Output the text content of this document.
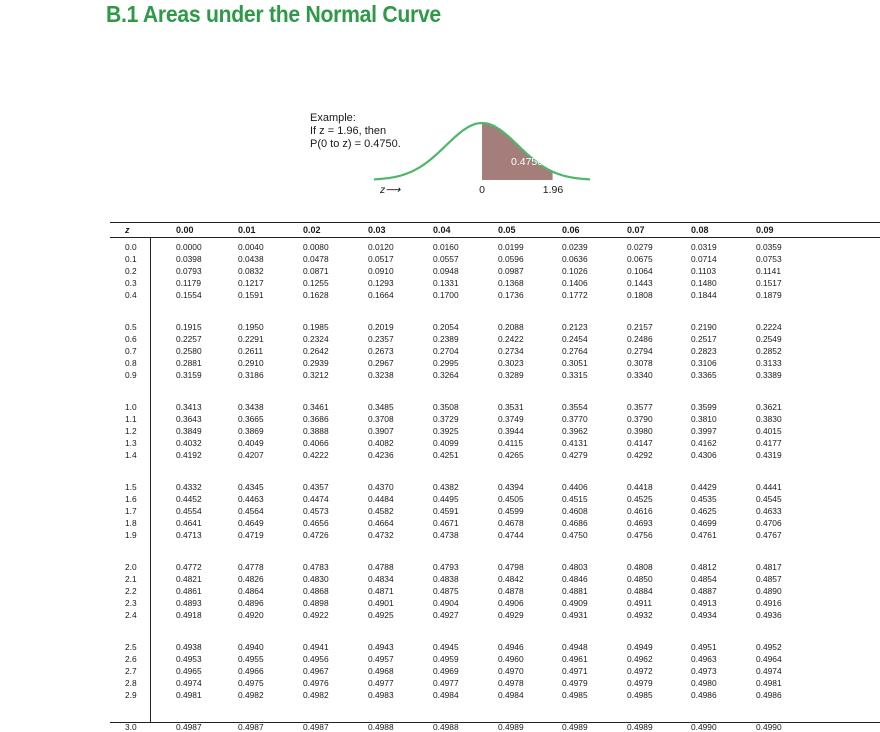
B.1 Areas under the Normal Curve
Example:
If z = 1.96, then
P(0 to z) = 0.4750.
0.4750
0	1.96
z⟶
z	0.00	0.01	0.02	0.03	0.04	0.05	0.06	0.07	0.08	0.09
0.0	0.0000	0.0040	0.0080	0.0120	0.0160	0.0199	0.0239	0.0279	0.0319	0.0359
0.1	0.0398	0.0438	0.0478	0.0517	0.0557	0.0596	0.0636	0.0675	0.0714	0.0753
0.2	0.0793	0.0832	0.0871	0.0910	0.0948	0.0987	0.1026	0.1064	0.1103	0.1141
0.3	0.1179	0.1217	0.1255	0.1293	0.1331	0.1368	0.1406	0.1443	0.1480	0.1517
0.4	0.1554	0.1591	0.1628	0.1664	0.1700	0.1736	0.1772	0.1808	0.1844	0.1879
0.5	0.1915	0.1950	0.1985	0.2019	0.2054	0.2088	0.2123	0.2157	0.2190	0.2224
0.6	0.2257	0.2291	0.2324	0.2357	0.2389	0.2422	0.2454	0.2486	0.2517	0.2549
0.7	0.2580	0.2611	0.2642	0.2673	0.2704	0.2734	0.2764	0.2794	0.2823	0.2852
0.8	0.2881	0.2910	0.2939	0.2967	0.2995	0.3023	0.3051	0.3078	0.3106	0.3133
0.9	0.3159	0.3186	0.3212	0.3238	0.3264	0.3289	0.3315	0.3340	0.3365	0.3389
1.0	0.3413	0.3438	0.3461	0.3485	0.3508	0.3531	0.3554	0.3577	0.3599	0.3621
1.1	0.3643	0.3665	0.3686	0.3708	0.3729	0.3749	0.3770	0.3790	0.3810	0.3830
1.2	0.3849	0.3869	0.3888	0.3907	0.3925	0.3944	0.3962	0.3980	0.3997	0.4015
1.3	0.4032	0.4049	0.4066	0.4082	0.4099	0.4115	0.4131	0.4147	0.4162	0.4177
1.4	0.4192	0.4207	0.4222	0.4236	0.4251	0.4265	0.4279	0.4292	0.4306	0.4319
1.5	0.4332	0.4345	0.4357	0.4370	0.4382	0.4394	0.4406	0.4418	0.4429	0.4441
1.6	0.4452	0.4463	0.4474	0.4484	0.4495	0.4505	0.4515	0.4525	0.4535	0.4545
1.7	0.4554	0.4564	0.4573	0.4582	0.4591	0.4599	0.4608	0.4616	0.4625	0.4633
1.8	0.4641	0.4649	0.4656	0.4664	0.4671	0.4678	0.4686	0.4693	0.4699	0.4706
1.9	0.4713	0.4719	0.4726	0.4732	0.4738	0.4744	0.4750	0.4756	0.4761	0.4767
2.0	0.4772	0.4778	0.4783	0.4788	0.4793	0.4798	0.4803	0.4808	0.4812	0.4817
2.1	0.4821	0.4826	0.4830	0.4834	0.4838	0.4842	0.4846	0.4850	0.4854	0.4857
2.2	0.4861	0.4864	0.4868	0.4871	0.4875	0.4878	0.4881	0.4884	0.4887	0.4890
2.3	0.4893	0.4896	0.4898	0.4901	0.4904	0.4906	0.4909	0.4911	0.4913	0.4916
2.4	0.4918	0.4920	0.4922	0.4925	0.4927	0.4929	0.4931	0.4932	0.4934	0.4936
2.5	0.4938	0.4940	0.4941	0.4943	0.4945	0.4946	0.4948	0.4949	0.4951	0.4952
2.6	0.4953	0.4955	0.4956	0.4957	0.4959	0.4960	0.4961	0.4962	0.4963	0.4964
2.7	0.4965	0.4966	0.4967	0.4968	0.4969	0.4970	0.4971	0.4972	0.4973	0.4974
2.8	0.4974	0.4975	0.4976	0.4977	0.4977	0.4978	0.4979	0.4979	0.4980	0.4981
2.9	0.4981	0.4982	0.4982	0.4983	0.4984	0.4984	0.4985	0.4985	0.4986	0.4986
3.0	0.4987	0.4987	0.4987	0.4988	0.4988	0.4989	0.4989	0.4989	0.4990	0.4990
